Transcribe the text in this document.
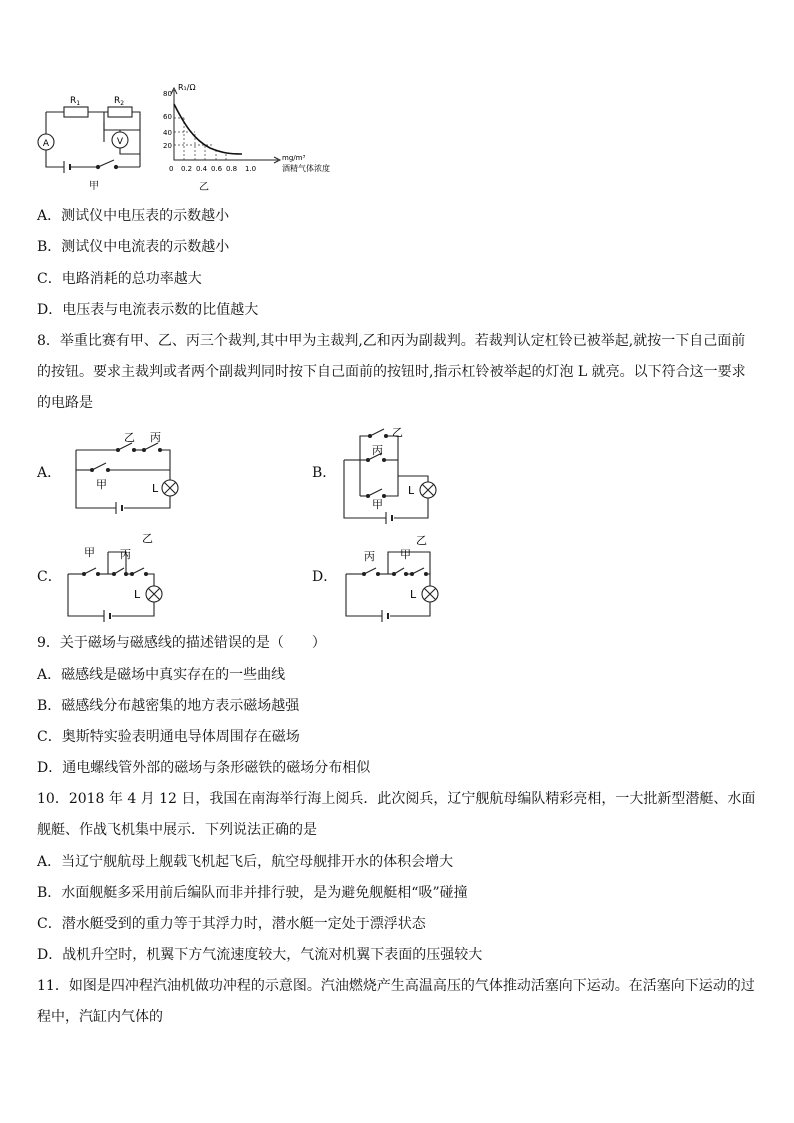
A	V
$R_1$	$R_2$
甲
R₁/Ω
80
60
40
20
0 0.2 0.4 0.6 0.8 1.0
mg/m³
酒精气体浓度
乙
A．测试仪中电压表的示数越小
B．测试仪中电流表的示数越小
C．电路消耗的总功率越大
D．电压表与电流表示数的比值越大
8．举重比赛有甲、乙、丙三个裁判,其中甲为主裁判,乙和丙为副裁判。若裁判认定杠铃已被举起,就按一下自己面前的按钮。要求主裁判或者两个副裁判同时按下自己面前的按钮时,指示杠铃被举起的灯泡 L 就亮。以下符合这一要求的电路是
A．
乙 丙
甲	L
B．
乙
丙
甲
L
C．
甲 丙
乙
L
D．
丙 甲
乙
L
9．关于磁场与磁感线的描述错误的是（　　）
A．磁感线是磁场中真实存在的一些曲线
B．磁感线分布越密集的地方表示磁场越强
C．奥斯特实验表明通电导体周围存在磁场
D．通电螺线管外部的磁场与条形磁铁的磁场分布相似
10．2018 年 4 月 12 日，我国在南海举行海上阅兵．此次阅兵，辽宁舰航母编队精彩亮相，一大批新型潜艇、水面舰艇、作战飞机集中展示．下列说法正确的是
A．当辽宁舰航母上舰载飞机起飞后，航空母舰排开水的体积会增大
B．水面舰艇多采用前后编队而非并排行驶，是为避免舰艇相“吸”碰撞
C．潜水艇受到的重力等于其浮力时，潜水艇一定处于漂浮状态
D．战机升空时，机翼下方气流速度较大，气流对机翼下表面的压强较大
11．如图是四冲程汽油机做功冲程的示意图。汽油燃烧产生高温高压的气体推动活塞向下运动。在活塞向下运动的过程中，汽缸内气体的
